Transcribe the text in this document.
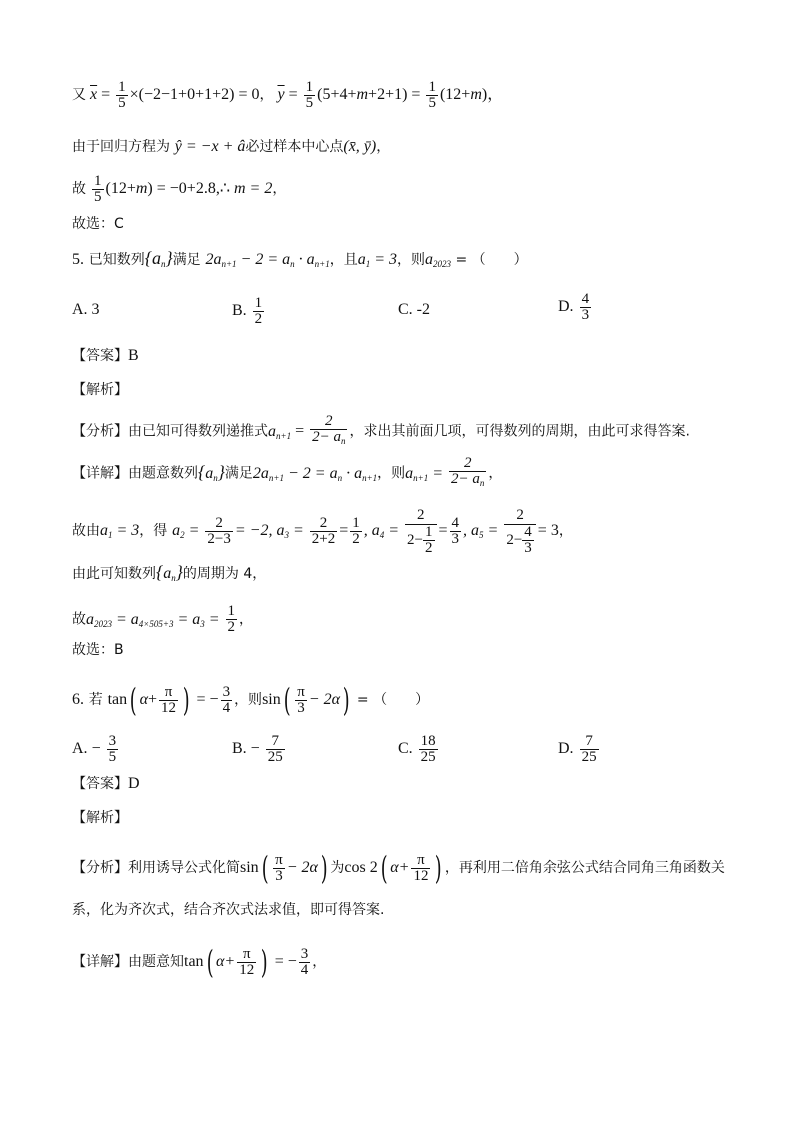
又 $\overline{x} = \frac{1}{5} \times(-2-1+0+1+2) = 0$， $\overline{y} = \frac{1}{5} (5+4+m+2+1) = \frac{1}{5} (12+m)$，
由于回归方程为 ŷ = −x + â必过样本中心点(x̄, ȳ)，
故 $\frac{1}{5} (12+m)$ = −0+2.8,∴ m = 2，
故选：C
5. 已知数列$\{a_n\}$满足 $2a_{n+1} - 2 = a_n \cdot a_{n+1}$，且$a_1 = 3$，则$a_{2023}$ = （　　）
A. 3	B. $\frac{1}{2}$	C. -2	D. $\frac{4}{3}$
【答案】B
【解析】
【分析】由已知可得数列递推式$a_{n+1} = \frac{2}{2- a_n}$ ，求出其前面几项，可得数列的周期，由此可求得答案.
【详解】由题意数列$\{a_n\}$满足$2a_{n+1} - 2 = a_n \cdot a_{n+1}$，则$a_{n+1} = \frac{2}{2- a_n}$ ，
故由$a_1 = 3$，得 $a_2 = \frac{2}{2-3} = -2$, $a_3 = \frac{2}{2+2} = \frac{1}{2}$ , $a_4 = \frac{2}{2- \frac{1}{2}} = \frac{4}{3}$ , $a_5 = \frac{2}{2- \frac{4}{3}} = 3$，
由此可知数列$\{a_n\}$的周期为 4，
故$a_{2023} = a_{4\times 505+3} = a_3 = \frac{1}{2}$ ，
故选：B
6. 若 tan( $\alpha+ \frac{\pi}{12}$ ) = − $\frac{3}{4}$ ，则$\sin( \frac{\pi}{3} - 2\alpha)$ = （　　）
A. − $\frac{3}{5}$	B. − $\frac{7}{25}$	C. $\frac{18}{25}$	D. $\frac{7}{25}$
【答案】D
【解析】
【分析】利用诱导公式化简$\sin( \frac{\pi}{3} - 2\alpha)$ 为cos 2( $\alpha+ \frac{\pi}{12}$ ) ，再利用二倍角余弦公式结合同角三角函数关
系，化为齐次式，结合齐次式法求值，即可得答案.
【详解】由题意知tan( $\alpha+ \frac{\pi}{12}$ ) = − $\frac{3}{4}$ ，
